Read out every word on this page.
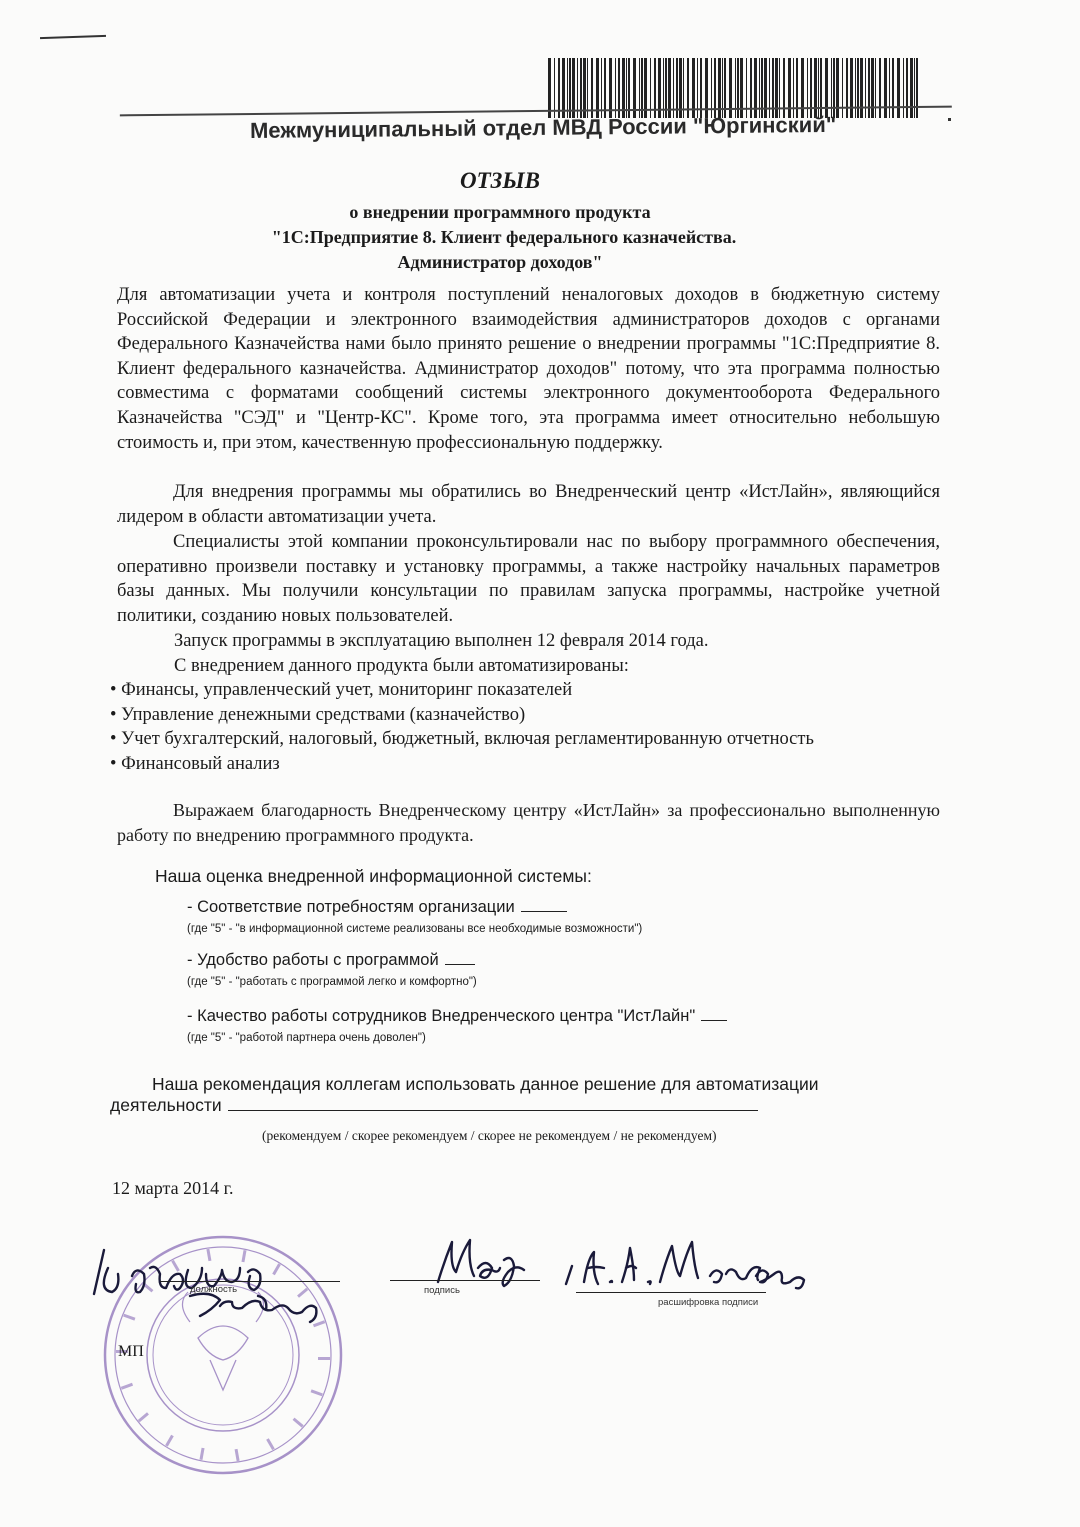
Межмуниципальный отдел МВД России "Юргинский"
ОТЗЫВ
о внедрении программного продукта
"1С:Предприятие 8. Клиент федерального казначейства.
Администратор доходов"
Для автоматизации учета и контроля поступлений неналоговых доходов в бюджетную систему Российской Федерации и электронного взаимодействия администраторов доходов с органами Федерального Казначейства нами было принято решение о внедрении программы "1С:Предприятие 8. Клиент федерального казначейства. Администратор доходов" потому, что эта программа полностью совместима с форматами сообщений системы электронного документооборота Федерального Казначейства "СЭД" и "Центр-КС". Кроме того, эта программа имеет относительно небольшую стоимость и, при этом, качественную профессиональную поддержку.
Для внедрения программы мы обратились во Внедренческий центр «ИстЛайн», являющийся лидером в области автоматизации учета.
Специалисты этой компании проконсультировали нас по выбору программного обеспечения, оперативно произвели поставку и установку программы, а также настройку начальных параметров базы данных. Мы получили консультации по правилам запуска программы, настройке учетной политики, созданию новых пользователей.
Запуск программы в эксплуатацию выполнен 12 февраля 2014 года.
С внедрением данного продукта были автоматизированы:
• Финансы, управленческий учет, мониторинг показателей
• Управление денежными средствами (казначейство)
• Учет бухгалтерский, налоговый, бюджетный, включая регламентированную отчетность
• Финансовый анализ
Выражаем благодарность Внедренческому центру «ИстЛайн» за профессионально выполненную работу по внедрению программного продукта.
Наша оценка внедренной информационной системы:
- Соответствие потребностям организации
(где "5" - "в информационной системе реализованы все необходимые возможности")
- Удобство работы с программой
(где "5" - "работать с программой легко и комфортно")
- Качество работы сотрудников Внедренческого центра "ИстЛайн"
(где "5" - "работой партнера очень доволен")
Наша рекомендация коллегам использовать данное решение для автоматизации
деятельности
(рекомендуем / скорее рекомендуем / скорее не рекомендуем / не рекомендуем)
12 марта 2014 г.
должность	подпись
расшифровка подписи
МП
